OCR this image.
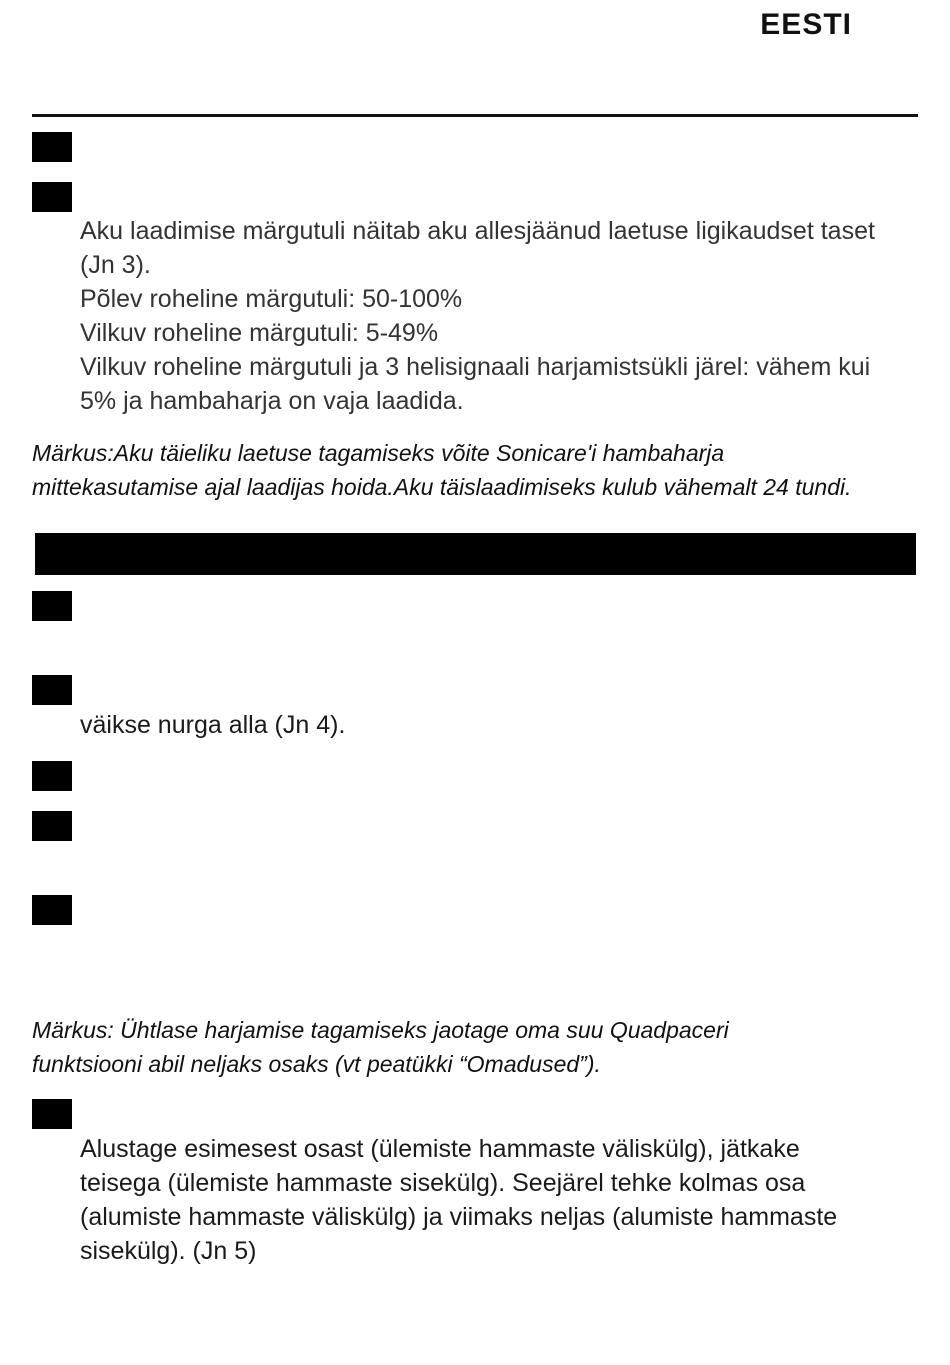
EESTI
Aku laadimise märgutuli näitab aku allesjäänud laetuse ligikaudset taset
(Jn 3).
Põlev roheline märgutuli: 50-100%
Vilkuv roheline märgutuli: 5-49%
Vilkuv roheline märgutuli ja 3 helisignaali harjamistsükli järel: vähem kui
5% ja hambaharja on vaja laadida.
Märkus:Aku täieliku laetuse tagamiseks võite Sonicare'i hambaharja
mittekasutamise ajal laadijas hoida.Aku täislaadimiseks kulub vähemalt 24 tundi.
väikse nurga alla (Jn 4).
Märkus: Ühtlase harjamise tagamiseks jaotage oma suu Quadpaceri
funktsiooni abil neljaks osaks (vt peatükki “Omadused”).
Alustage esimesest osast (ülemiste hammaste väliskülg), jätkake
teisega (ülemiste hammaste sisekülg). Seejärel tehke kolmas osa
(alumiste hammaste väliskülg) ja viimaks neljas (alumiste hammaste
sisekülg). (Jn 5)
